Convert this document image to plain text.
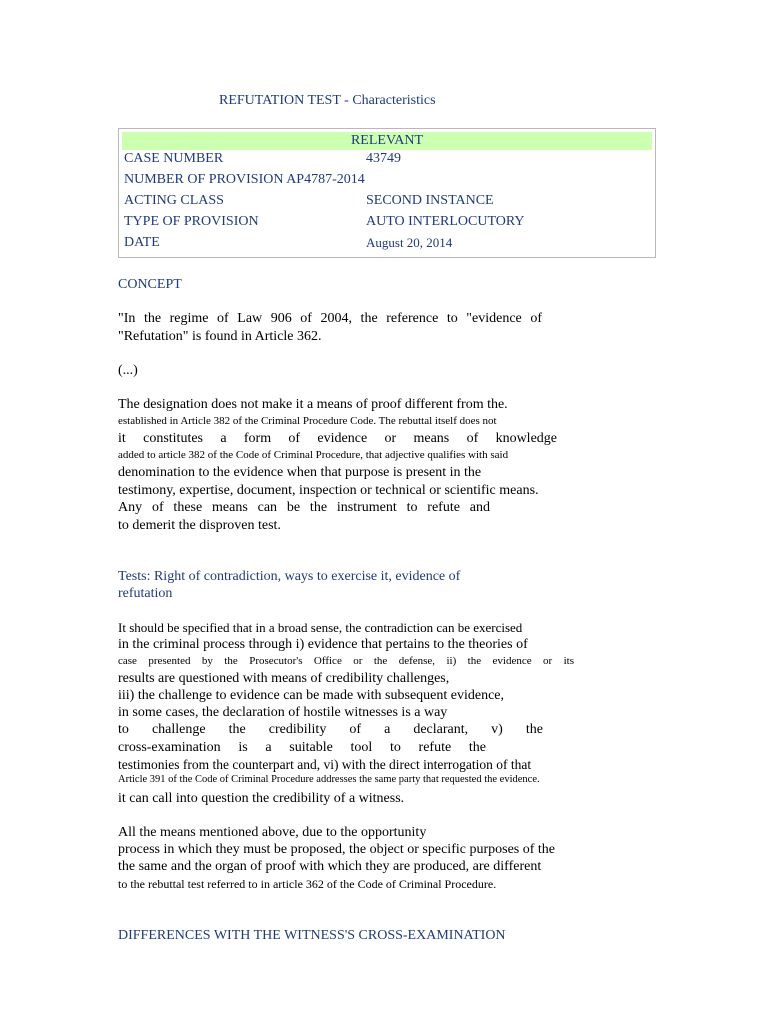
REFUTATION TEST - Characteristics
RELEVANT
CASE NUMBER	43749
NUMBER OF PROVISION AP4787-2014
ACTING CLASS	SECOND INSTANCE
TYPE OF PROVISION	AUTO INTERLOCUTORY
DATE	August 20, 2014
CONCEPT
"In the regime of Law 906 of 2004, the reference to "evidence of
"Refutation" is found in Article 362.
(...)
The designation does not make it a means of proof different from the.
established in Article 382 of the Criminal Procedure Code. The rebuttal itself does not
it constitutes a form of evidence or means of knowledge
added to article 382 of the Code of Criminal Procedure, that adjective qualifies with said
denomination to the evidence when that purpose is present in the
testimony, expertise, document, inspection or technical or scientific means.
Any of these means can be the instrument to refute and
to demerit the disproven test.
Tests: Right of contradiction, ways to exercise it, evidence of
refutation
It should be specified that in a broad sense, the contradiction can be exercised
in the criminal process through i) evidence that pertains to the theories of
case presented by the Prosecutor's Office or the defense, ii) the evidence or its
results are questioned with means of credibility challenges,
iii) the challenge to evidence can be made with subsequent evidence,
in some cases, the declaration of hostile witnesses is a way
to challenge the credibility of a declarant, v) the
cross-examination is a suitable tool to refute the
testimonies from the counterpart and, vi) with the direct interrogation of that
Article 391 of the Code of Criminal Procedure addresses the same party that requested the evidence.
it can call into question the credibility of a witness.
All the means mentioned above, due to the opportunity
process in which they must be proposed, the object or specific purposes of the
the same and the organ of proof with which they are produced, are different
to the rebuttal test referred to in article 362 of the Code of Criminal Procedure.
DIFFERENCES WITH THE WITNESS'S CROSS-EXAMINATION
